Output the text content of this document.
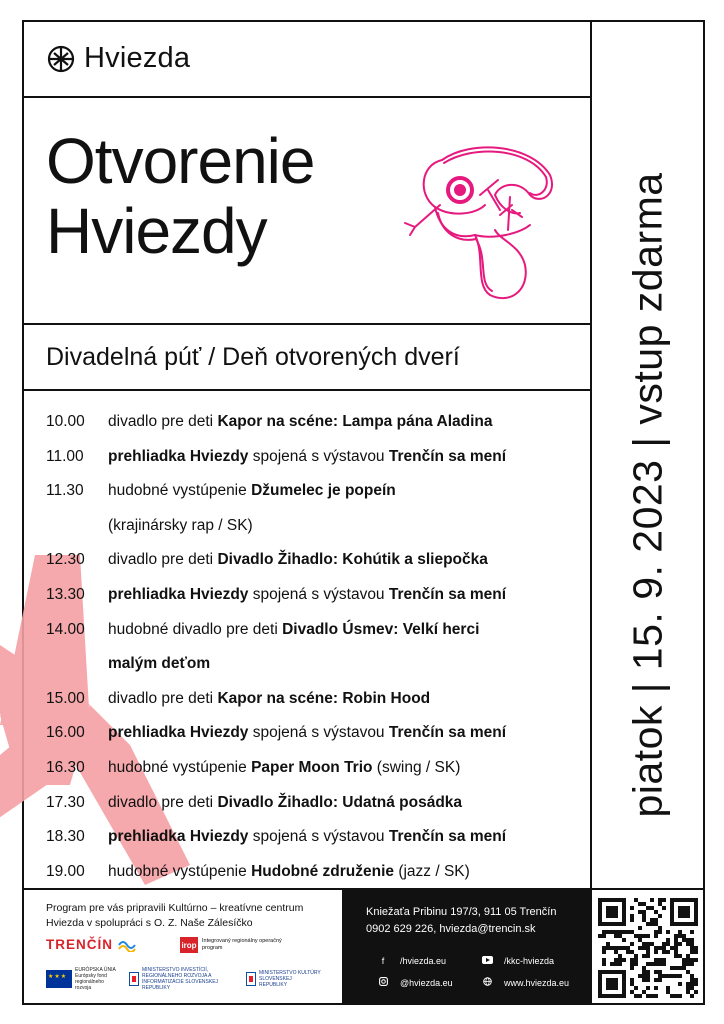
Hviezda
Otvorenie
Hviezdy
Divadelná púť / Deň otvorených dverí
10.00	divadlo pre deti Kapor na scéne: Lampa pána Aladina
11.00	prehliadka Hviezdy spojená s výstavou Trenčín sa mení
11.30	hudobné vystúpenie Džumelec je popeín
(krajinársky rap / SK)
12.30	divadlo pre deti Divadlo Žihadlo: Kohútik a sliepočka
13.30	prehliadka Hviezdy spojená s výstavou Trenčín sa mení
14.00	hudobné divadlo pre deti Divadlo Úsmev: Velkí herci
malým deťom
15.00	divadlo pre deti Kapor na scéne: Robin Hood
16.00	prehliadka Hviezdy spojená s výstavou Trenčín sa mení
16.30	hudobné vystúpenie Paper Moon Trio (swing / SK)
17.30	divadlo pre deti Divadlo Žihadlo: Udatná posádka
18.30	prehliadka Hviezdy spojená s výstavou Trenčín sa mení
19.00	hudobné vystúpenie Hudobné združenie (jazz / SK)
piatok | 15. 9. 2023 | vstup zdarma
Program pre vás pripravili Kultúrno – kreatívne centrum
Hviezda v spolupráci s O. Z. Naše Zálesíčko
TRENČÍN	irop Integrovaný regionálny operačný program
★★★
EURÓPSKA ÚNIA Európsky fond regionálneho rozvoja
MINISTERSTVO INVESTÍCIÍ, REGIONÁLNEHO ROZVOJA A INFORMATIZÁCIE SLOVENSKEJ REPUBLIKY
MINISTERSTVO KULTÚRY SLOVENSKEJ REPUBLIKY
Kniežaťa Pribinu 197/3, 911 05 Trenčín
0902 629 226, hviezda@trencin.sk
f	/hviezda.eu	/kkc-hviezda
@hviezda.eu	www.hviezda.eu
